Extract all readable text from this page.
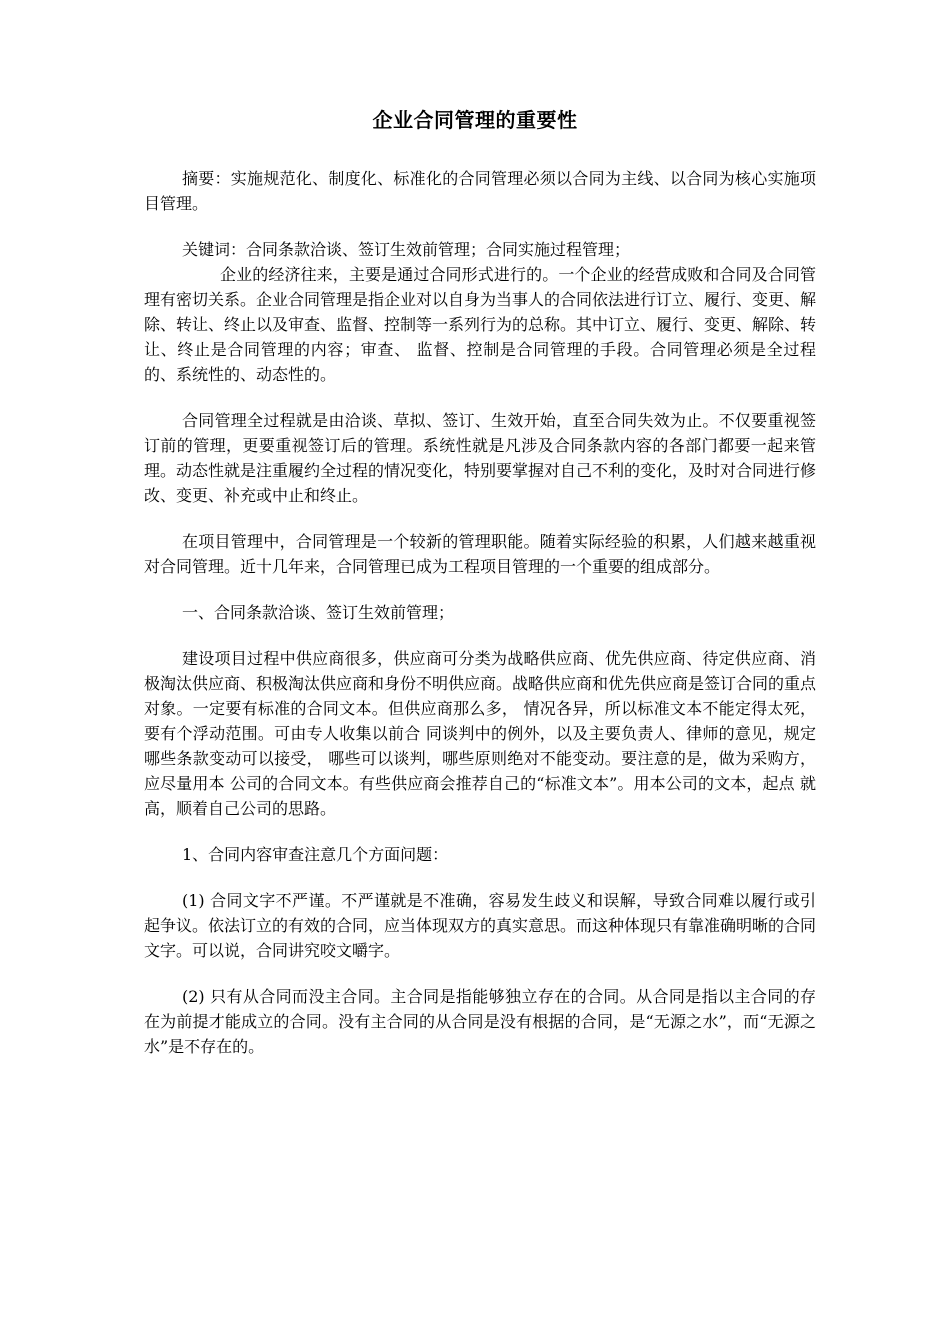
企业合同管理的重要性

摘要：实施规范化、制度化、标准化的合同管理必须以合同为主线、以合同为核心实施项目管理。

关键词：合同条款洽谈、签订生效前管理；合同实施过程管理；

企业的经济往来，主要是通过合同形式进行的。一个企业的经营成败和合同及合同管理有密切关系。企业合同管理是指企业对以自身为当事人的合同依法进行订立、履行、变更、解除、转让、终止以及审查、监督、控制等一系列行为的总称。其中订立、履行、变更、解除、转让、终止是合同管理的内容；审查、 监督、控制是合同管理的手段。合同管理必须是全过程的、系统性的、动态性的。

合同管理全过程就是由洽谈、草拟、签订、生效开始，直至合同失效为止。不仅要重视签订前的管理，更要重视签订后的管理。系统性就是凡涉及合同条款内容的各部门都要一起来管理。动态性就是注重履约全过程的情况变化，特别要掌握对自己不利的变化，及时对合同进行修改、变更、补充或中止和终止。

在项目管理中，合同管理是一个较新的管理职能。随着实际经验的积累，人们越来越重视对合同管理。近十几年来，合同管理已成为工程项目管理的一个重要的组成部分。

一、合同条款洽谈、签订生效前管理；

建设项目过程中供应商很多，供应商可分类为战略供应商、优先供应商、待定供应商、消极淘汰供应商、积极淘汰供应商和身份不明供应商。战略供应商和优先供应商是签订合同的重点对象。一定要有标准的合同文本。但供应商那么多， 情况各异，所以标准文本不能定得太死，要有个浮动范围。可由专人收集以前合 同谈判中的例外，以及主要负责人、律师的意见，规定哪些条款变动可以接受， 哪些可以谈判，哪些原则绝对不能变动。要注意的是，做为采购方，应尽量用本 公司的合同文本。有些供应商会推荐自己的“标准文本”。用本公司的文本，起点 就高，顺着自己公司的思路。

1、合同内容审查注意几个方面问题：

(1) 合同文字不严谨。不严谨就是不准确，容易发生歧义和误解，导致合同难以履行或引起争议。依法订立的有效的合同，应当体现双方的真实意思。而这种体现只有靠准确明晰的合同文字。可以说，合同讲究咬文嚼字。

(2) 只有从合同而没主合同。主合同是指能够独立存在的合同。从合同是指以主合同的存在为前提才能成立的合同。没有主合同的从合同是没有根据的合同，是“无源之水”，而“无源之水”是不存在的。
